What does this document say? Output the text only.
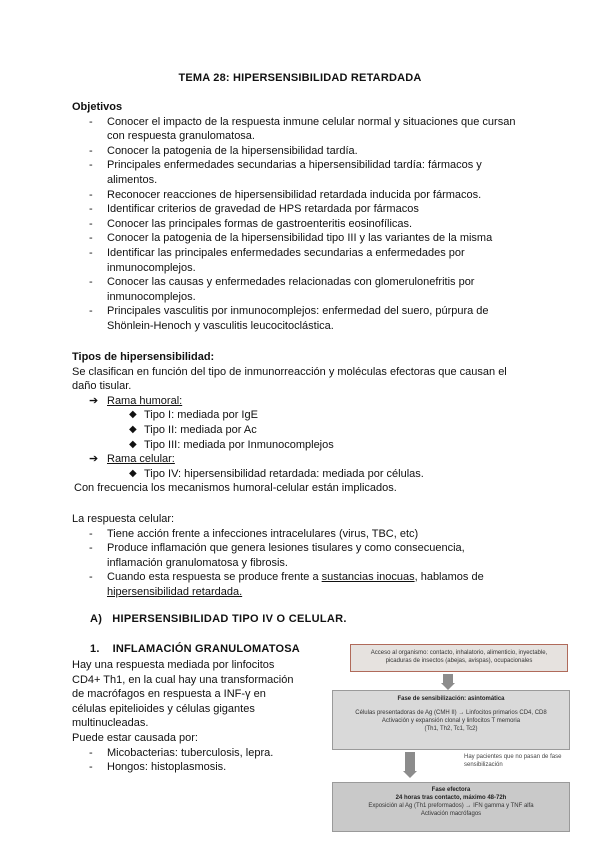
TEMA 28: HIPERSENSIBILIDAD RETARDADA
Objetivos
- Conocer el impacto de la respuesta inmune celular normal y situaciones que cursan
con respuesta granulomatosa.
- Conocer la patogenia de la hipersensibilidad tardía.
- Principales enfermedades secundarias a hipersensibilidad tardía: fármacos y
alimentos.
- Reconocer reacciones de hipersensibilidad retardada inducida por fármacos.
- Identificar criterios de gravedad de HPS retardada por fármacos
- Conocer las principales formas de gastroenteritis eosinofílicas.
- Conocer la patogenia de la hipersensibilidad tipo III y las variantes de la misma
- Identificar las principales enfermedades secundarias a enfermedades por
inmunocomplejos.
- Conocer las causas y enfermedades relacionadas con glomerulonefritis por
inmunocomplejos.
- Principales vasculitis por inmunocomplejos: enfermedad del suero, púrpura de
Shönlein-Henoch y vasculitis leucocitoclástica.
Tipos de hipersensibilidad:
Se clasifican en función del tipo de inmunorreacción y moléculas efectoras que causan el
daño tisular.
➔ Rama humoral:
◆ Tipo I: mediada por IgE
◆ Tipo II: mediada por Ac
◆ Tipo III: mediada por Inmunocomplejos
➔ Rama celular:
◆ Tipo IV: hipersensibilidad retardada: mediada por células.
Con frecuencia los mecanismos humoral-celular están implicados.
La respuesta celular:
- Tiene acción frente a infecciones intracelulares (virus, TBC, etc)
- Produce inflamación que genera lesiones tisulares y como consecuencia,
inflamación granulomatosa y fibrosis.
- Cuando esta respuesta se produce frente a sustancias inocuas, hablamos de
hipersensibilidad retardada.
A) HIPERSENSIBILIDAD TIPO IV O CELULAR.
1. INFLAMACIÓN GRANULOMATOSA
Hay una respuesta mediada por linfocitos
CD4+ Th1, en la cual hay una transformación
de macrófagos en respuesta a INF-γ en
células epitelioides y células gigantes
multinucleadas.
Puede estar causada por:
- Micobacterias: tuberculosis, lepra.
- Hongos: histoplasmosis.
Acceso al organismo: contacto, inhalatorio, alimenticio, inyectable,
picaduras de insectos (abejas, avispas), ocupacionales
Fase de sensibilización: asintomática
Células presentadoras de Ag (CMH II) → Linfocitos primarios CD4, CD8
Activación y expansión clonal y linfocitos T memoria
(Th1, Th2, Tc1, Tc2)
Hay pacientes que no pasan de fase sensibilización
Fase efectora
24 horas tras contacto, máximo 48-72h
Exposición al Ag (Th1 preformados) → IFN gamma y TNF alfa
Activación macrófagos
